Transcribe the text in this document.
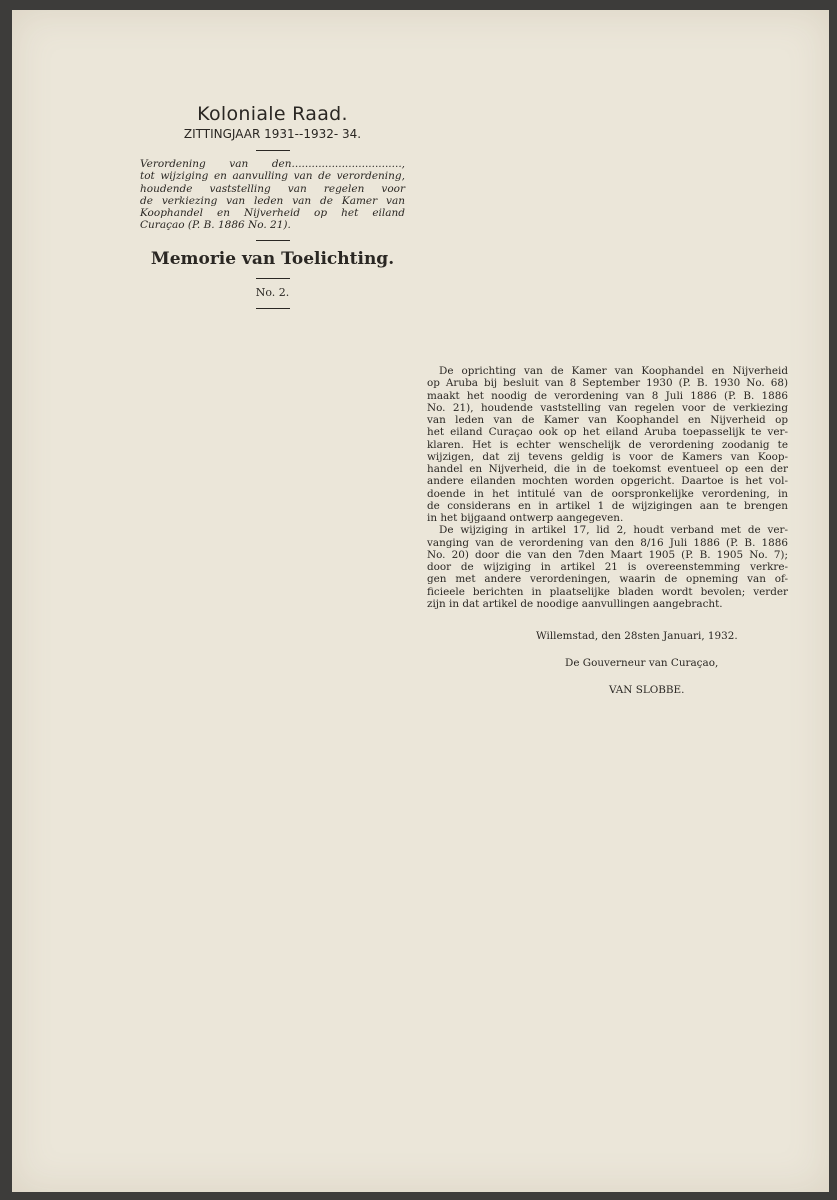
Koloniale Raad.

ZITTINGJAAR 1931--1932- 34.

Verordening van den.................................,
tot wijziging en aanvulling van de verordening,
houdende vaststelling van regelen voor
de verkiezing van leden van de Kamer van
Koophandel en Nijverheid op het eiland
Curaçao (P. B. 1886 No. 21).

Memorie van Toelichting.

No. 2.

De oprichting van de Kamer van Koophandel en Nijverheid
op Aruba bij besluit van 8 September 1930 (P. B. 1930 No. 68)
maakt het noodig de verordening van 8 Juli 1886 (P. B. 1886
No. 21), houdende vaststelling van regelen voor de verkiezing
van leden van de Kamer van Koophandel en Nijverheid op
het eiland Curaçao ook op het eiland Aruba toepasselijk te ver-
klaren. Het is echter wenschelijk de verordening zoodanig te
wijzigen, dat zij tevens geldig is voor de Kamers van Koop-
handel en Nijverheid, die in de toekomst eventueel op een der
andere eilanden mochten worden opgericht. Daartoe is het vol-
doende in het intitulé van de oorspronkelijke verordening, in
de considerans en in artikel 1 de wijzigingen aan te brengen
in het bijgaand ontwerp aangegeven.
De wijziging in artikel 17, lid 2, houdt verband met de ver-
vanging van de verordening van den 8/16 Juli 1886 (P. B. 1886
No. 20) door die van den 7den Maart 1905 (P. B. 1905 No. 7);
door de wijziging in artikel 21 is overeenstemming verkre-
gen met andere verordeningen, waarin de opneming van of-
ficieele berichten in plaatselijke bladen wordt bevolen; verder
zijn in dat artikel de noodige aanvullingen aangebracht.
Willemstad, den 28sten Januari, 1932.
De Gouverneur van Curaçao,
VAN SLOBBE.
